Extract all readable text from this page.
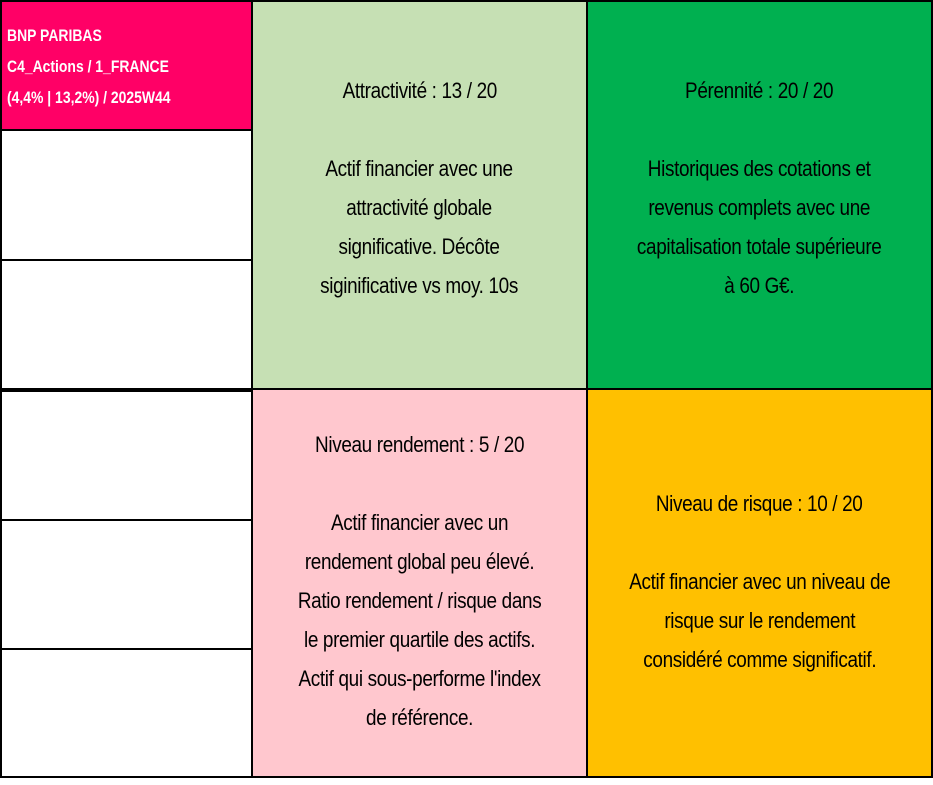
BNP PARIBAS
C4_Actions / 1_FRANCE
(4,4% | 13,2%) / 2025W44	Attractivité : 13 / 20
Actif financier avec une
attractivité globale
significative. Décôte
siginificative vs moy. 10s
Pérennité : 20 / 20
Historiques des cotations et
revenus complets avec une
capitalisation totale supérieure
à 60 G€.
Niveau rendement : 5 / 20
Actif financier avec un
rendement global peu élevé.
Ratio rendement / risque dans
le premier quartile des actifs.
Actif qui sous-performe l'index
de référence.
Niveau de risque : 10 / 20
Actif financier avec un niveau de
risque sur le rendement
considéré comme significatif.
